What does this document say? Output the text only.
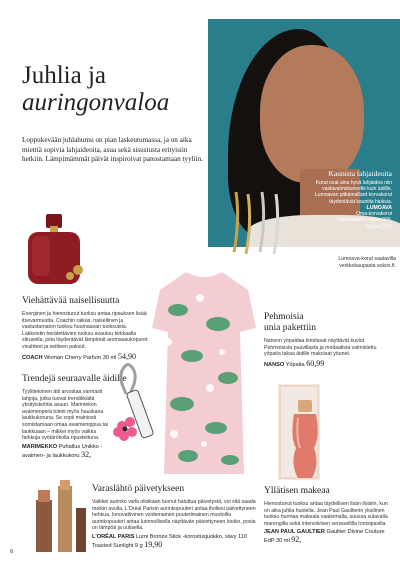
Juhlia ja
auringonvaloa
Loppukevään juhlahumu on pian laskeutumassa, ja on aika miettiä sopivia lahjaideoita, asua sekä sisustusta erityisiin hetkiin. Lämpimämmät päivät inspiroivat panostamaan tyyliin.
Kaunista lahjaideoita
Korut ovat aina hyvä lahjaidea niin vastavalmistuneelle kuin äidille. Lumoavan pitkämalliset korvakorut täydentävät kauniita hiuksia.
LUMOAVA
Oma-korvakorut
Kaitakuulaitu hopea 239,
Hopea 229,
Lumoava-korut saatavilla verkkokaupasta sokos.fi.
Viehättävää naisellisuutta
Energinen ja hienostunut tuoksu antaa ripauksen lisää itsevarmuutta. Coachin raikas, naisellinen ja vastustamaton tuoksu huumaavan tuoksuista. Lakkeistin herätettävien tuoksu avautuu kirkkaalla sitrusella, joita täydentävät lämpimät aromaasukopuret vivahteet ja seitteen paksut.
COACH Woman Cherry Parfum 30 ml 54,90
Trendejä seuraavalle äidille
Tyylitietoinen äiti arvostaa varmasti lahjoja, jotka tuovat trendikkäitä yksityiskohtia asuun. Marimekon avaimenperä toimii myös hauskana laukkukoruna. Se sopii mainiosti somistamaan omaa avaimenippua tai laukkuaan – mikkei myös vaikka farkkuja vyötärökolla ripustettuna.
MARIMEKKO Puhallus Unikko -avaimen- ja laukkukoru 32,
Pehmoisia
unia pakettiin
Nanson yöpaidaa kiroitavat näyttävät kuviot. Pehmoisista puuvillasta ja modaalista valmistettu yöpaita takaa äidille makoisat yöunet.
NANSO Yöpaita 60,99
Yllätisen makeaa
Hienostunut tuoksu antaa täydellisen lisän iloisiin, kun on aika juhlia huolella. Jean Paul Gaultierin yksilinen tuoksu hurmaa makeala vaaleimalla, suussa sulavalla marengilla sekä intensiivisen sensuellilla tontsipavilla.
JEAN PAUL GAULTIER Gaultier Divine Couture EdP 30 ml 92,
Varaslähtö päivetykseen
Vaikkei aurinko vielä olisikaan tuonut haluttua päivetystä, voi sitä saada meikin avulla. L'Oréal Parisin aurinkopuuteri antaa ihollesi päivettyneen hehkua. Innovatiivinen voidemainen puuterimainen muotoiltu aurinkopuuteri antaa luonnollisella näyttävän päivettyneen lookin, posia on lämpöä ja uutisella.
L'ORÉAL PARIS Lumi Bronze Stick -korostusjuokko, sävy 110 Toasted Sunlight 9 g 19,90
6
